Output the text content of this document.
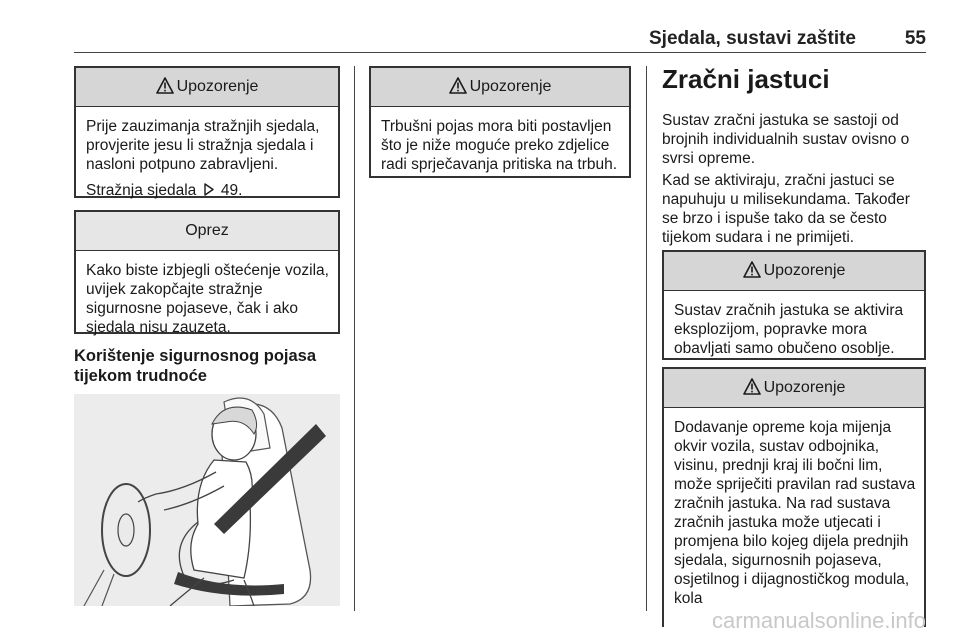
Sjedala, sustavi zaštite	55
Upozorenje

Prije zauzimanja stražnjih sjedala, provjerite jesu li stražnja sjedala i nasloni potpuno zabravljeni.

Stražnja sjedala 49.

Oprez

Kako biste izbjegli oštećenje vozila, uvijek zakopčajte stražnje sigurnosne pojaseve, čak i ako sjedala nisu zauzeta.

Korištenje sigurnosnog pojasa tijekom trudnoće
Upozorenje

Trbušni pojas mora biti postavljen što je niže moguće preko zdjelice radi sprječavanja pritiska na trbuh.

Zračni jastuci

Sustav zračni jastuka se sastoji od brojnih individualnih sustav ovisno o svrsi opreme.

Kad se aktiviraju, zračni jastuci se napuhuju u milisekundama. Također se brzo i ispuše tako da se često tijekom sudara i ne primijeti.

Upozorenje

Sustav zračnih jastuka se aktivira eksplozijom, popravke mora obavljati samo obučeno osoblje.

Upozorenje

Dodavanje opreme koja mijenja okvir vozila, sustav odbojnika, visinu, prednji kraj ili bočni lim, može spriječiti pravilan rad sustava zračnih jastuka. Na rad sustava zračnih jastuka može utjecati i promjena bilo kojeg dijela prednjih sjedala, sigurnosnih pojaseva, osjetilnog i dijagnostičkog modula, kola

carmanualsonline.info
